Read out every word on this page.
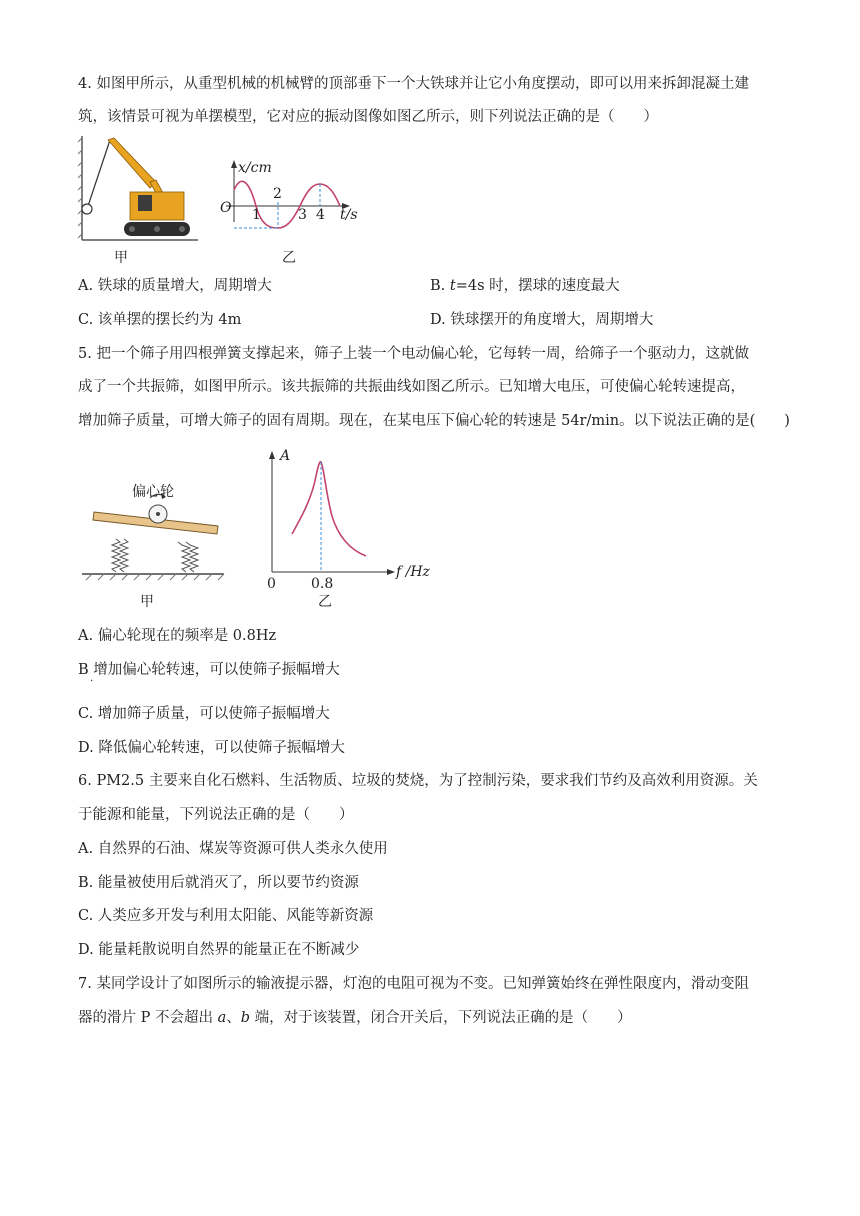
4. 如图甲所示，从重型机械的机械臂的顶部垂下一个大铁球并让它小角度摆动，即可以用来拆卸混凝土建
筑，该情景可视为单摆模型，它对应的振动图像如图乙所示，则下列说法正确的是（　　）
甲
x/cm
O 1
2
3 4 t/s
乙
A. 铁球的质量增大，周期增大	B. t=4s 时，摆球的速度最大
C. 该单摆的摆长约为 4m	D. 铁球摆开的角度增大，周期增大
5. 把一个筛子用四根弹簧支撑起来，筛子上装一个电动偏心轮，它每转一周，给筛子一个驱动力，这就做
成了一个共振筛，如图甲所示。该共振筛的共振曲线如图乙所示。已知增大电压，可使偏心轮转速提高，
增加筛子质量，可增大筛子的固有周期。现在，在某电压下偏心轮的转速是 54r/min。以下说法正确的是(　　)
偏心轮
甲
A
0	0.8
f /Hz
乙
A. 偏心轮现在的频率是 0.8Hz
B 增加偏心轮转速，可以使筛子振幅增大
·
C. 增加筛子质量，可以使筛子振幅增大
D. 降低偏心轮转速，可以使筛子振幅增大
6. PM2.5 主要来自化石燃料、生活物质、垃圾的焚烧，为了控制污染，要求我们节约及高效利用资源。关
于能源和能量，下列说法正确的是（　　）
A. 自然界的石油、煤炭等资源可供人类永久使用
B. 能量被使用后就消灭了，所以要节约资源
C. 人类应多开发与利用太阳能、风能等新资源
D. 能量耗散说明自然界的能量正在不断减少
7. 某同学设计了如图所示的输液提示器，灯泡的电阻可视为不变。已知弹簧始终在弹性限度内，滑动变阻
器的滑片 P 不会超出 a、b 端，对于该装置，闭合开关后，下列说法正确的是（　　）
